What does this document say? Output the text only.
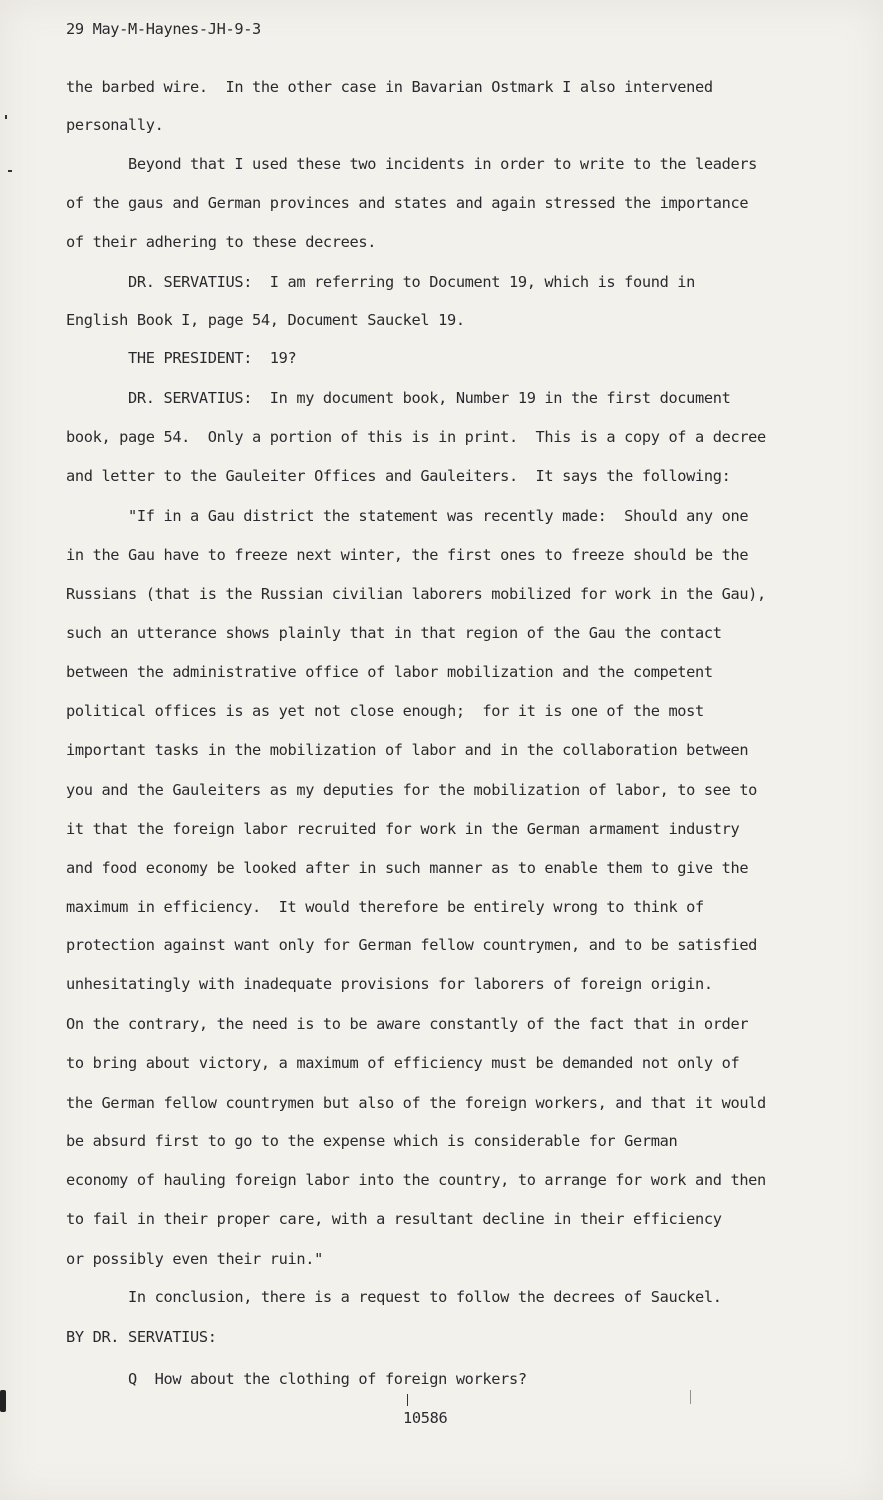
29 May-M-Haynes-JH-9-3
the barbed wire.  In the other case in Bavarian Ostmark I also intervened
personally.
Beyond that I used these two incidents in order to write to the leaders
of the gaus and German provinces and states and again stressed the importance
of their adhering to these decrees.
DR. SERVATIUS:  I am referring to Document 19, which is found in
English Book I, page 54, Document Sauckel 19.
THE PRESIDENT:  19?
DR. SERVATIUS:  In my document book, Number 19 in the first document
book, page 54.  Only a portion of this is in print.  This is a copy of a decree
and letter to the Gauleiter Offices and Gauleiters.  It says the following:
"If in a Gau district the statement was recently made:  Should any one
in the Gau have to freeze next winter, the first ones to freeze should be the
Russians (that is the Russian civilian laborers mobilized for work in the Gau),
such an utterance shows plainly that in that region of the Gau the contact
between the administrative office of labor mobilization and the competent
political offices is as yet not close enough;  for it is one of the most
important tasks in the mobilization of labor and in the collaboration between
you and the Gauleiters as my deputies for the mobilization of labor, to see to
it that the foreign labor recruited for work in the German armament industry
and food economy be looked after in such manner as to enable them to give the
maximum in efficiency.  It would therefore be entirely wrong to think of
protection against want only for German fellow countrymen, and to be satisfied
unhesitatingly with inadequate provisions for laborers of foreign origin.
On the contrary, the need is to be aware constantly of the fact that in order
to bring about victory, a maximum of efficiency must be demanded not only of
the German fellow countrymen but also of the foreign workers, and that it would
be absurd first to go to the expense which is considerable for German
economy of hauling foreign labor into the country, to arrange for work and then
to fail in their proper care, with a resultant decline in their efficiency
or possibly even their ruin."
In conclusion, there is a request to follow the decrees of Sauckel.
BY DR. SERVATIUS:
Q  How about the clothing of foreign workers?
10586
